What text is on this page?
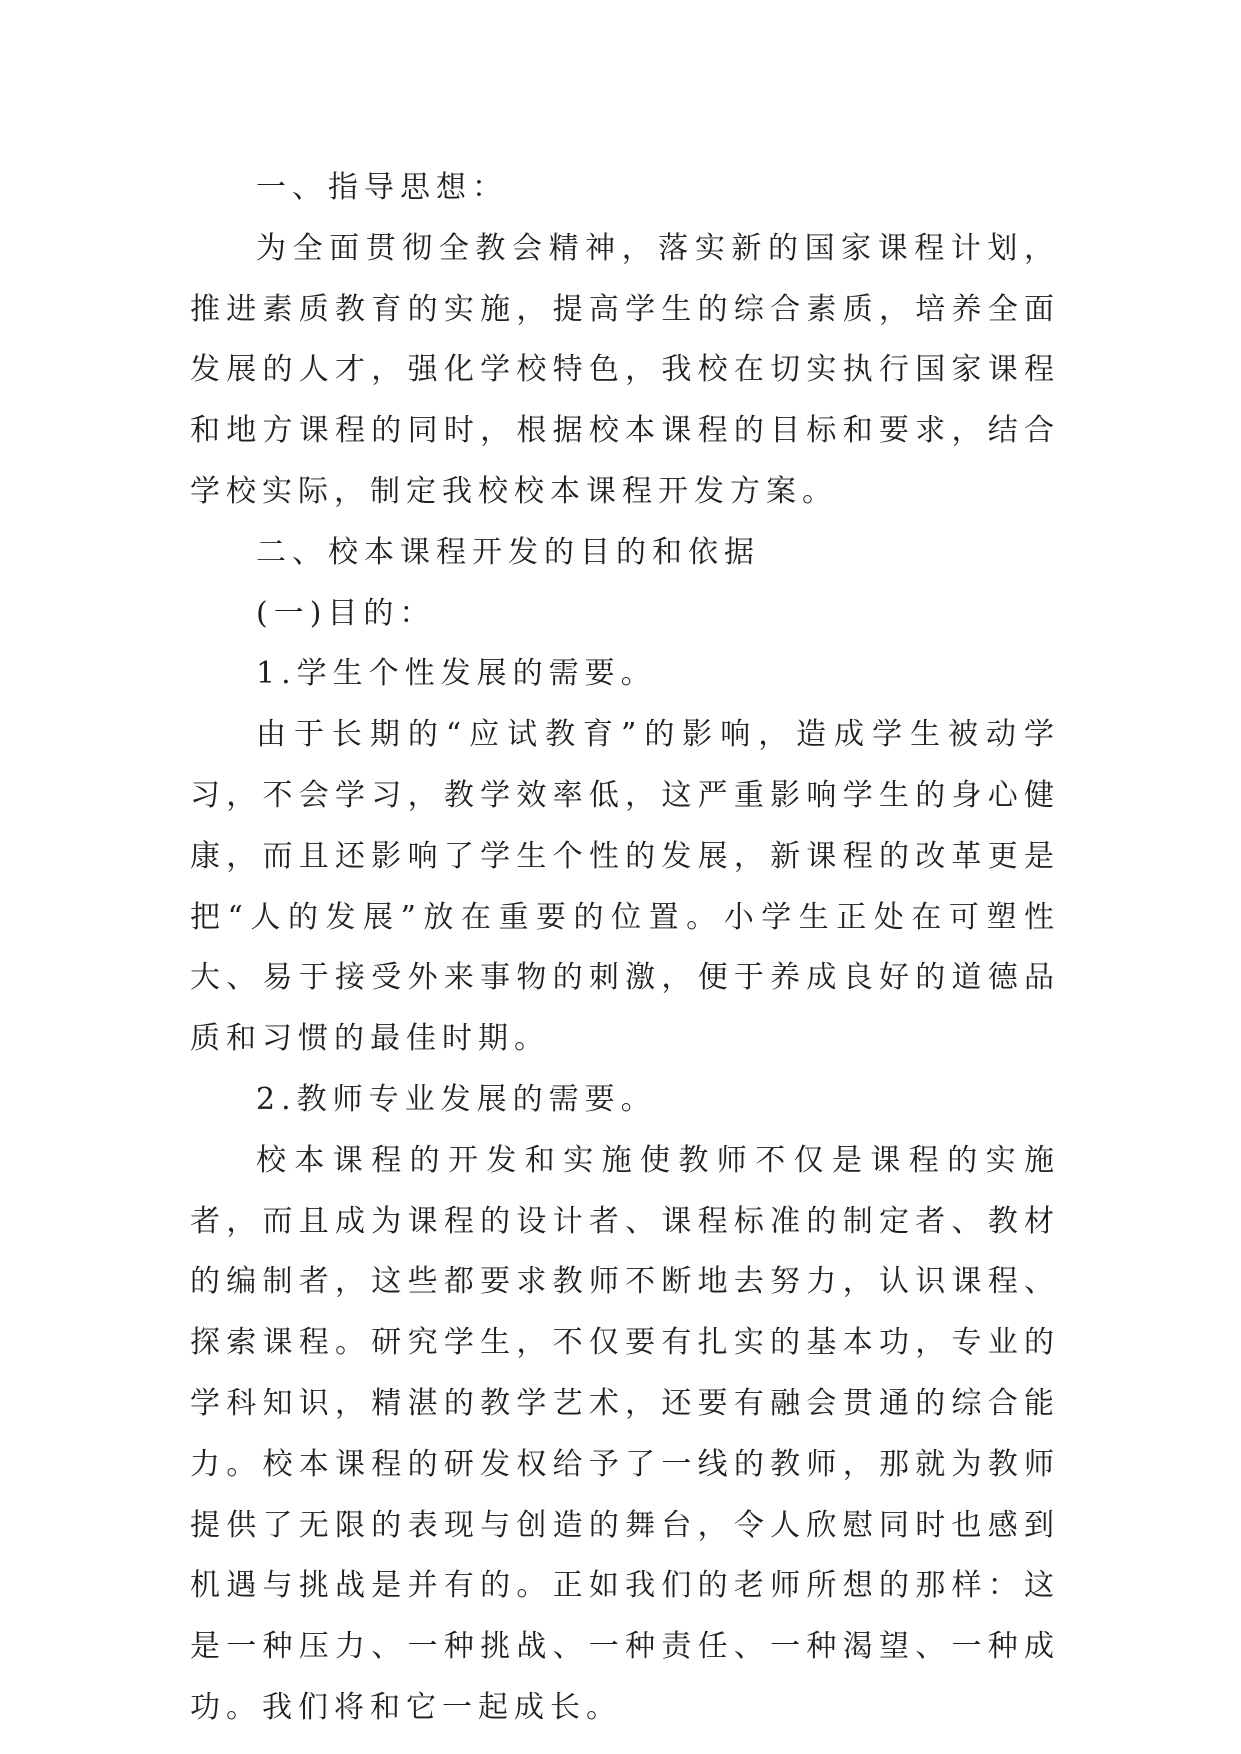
一、指导思想：

为全面贯彻全教会精神，落实新的国家课程计划，推进素质教育的实施，提高学生的综合素质，培养全面发展的人才，强化学校特色，我校在切实执行国家课程和地方课程的同时，根据校本课程的目标和要求，结合学校实际，制定我校校本课程开发方案。

二、校本课程开发的目的和依据

(一)目的：

1.学生个性发展的需要。

由于长期的“应试教育”的影响，造成学生被动学习，不会学习，教学效率低，这严重影响学生的身心健康，而且还影响了学生个性的发展，新课程的改革更是把“人的发展”放在重要的位置。小学生正处在可塑性大、易于接受外来事物的刺激，便于养成良好的道德品质和习惯的最佳时期。

2.教师专业发展的需要。

校本课程的开发和实施使教师不仅是课程的实施者，而且成为课程的设计者、课程标准的制定者、教材的编制者，这些都要求教师不断地去努力，认识课程、探索课程。研究学生，不仅要有扎实的基本功，专业的学科知识，精湛的教学艺术，还要有融会贯通的综合能力。校本课程的研发权给予了一线的教师，那就为教师提供了无限的表现与创造的舞台，令人欣慰同时也感到机遇与挑战是并有的。正如我们的老师所想的那样：这是一种压力、一种挑战、一种责任、一种渴望、一种成功。我们将和它一起成长。
